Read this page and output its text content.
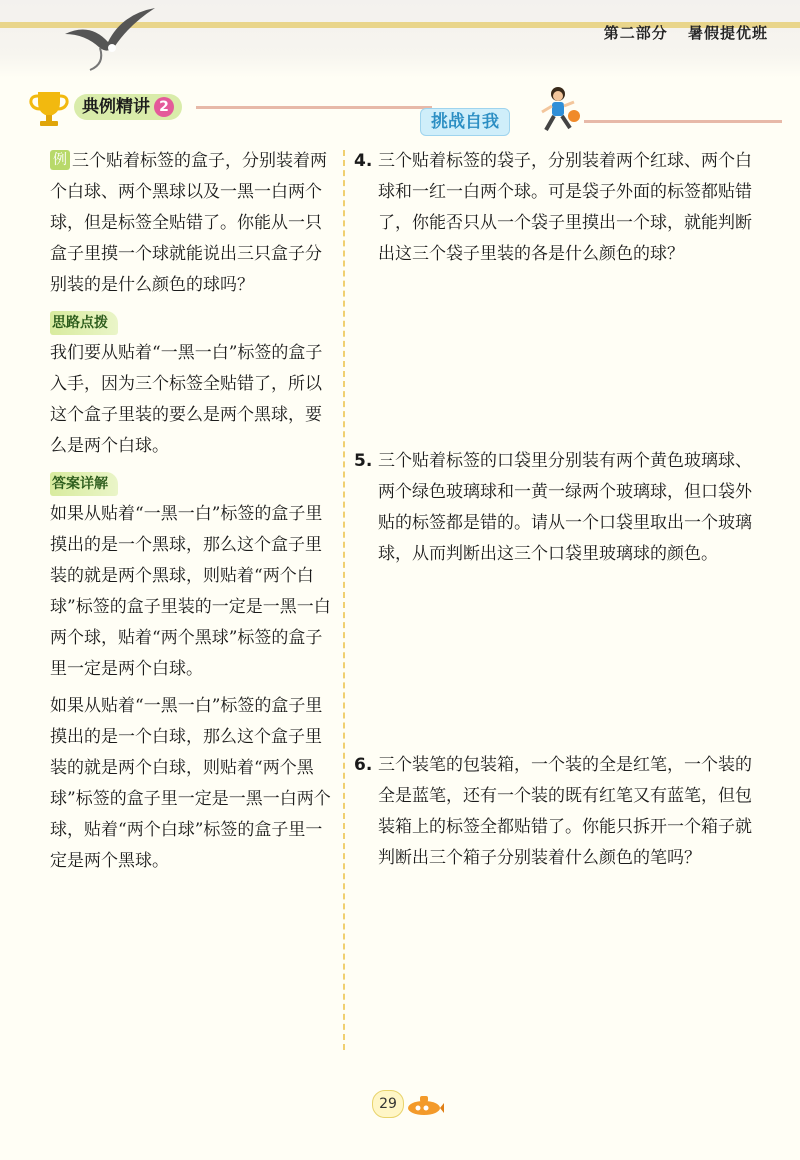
第二部分 暑假提优班
典例精讲 2
挑战自我

例 三个贴着标签的盒子，分别装着两个白球、两个黑球以及一黑一白两个球，但是标签全贴错了。你能从一只盒子里摸一个球就能说出三只盒子分别装的是什么颜色的球吗？

思路点拨

我们要从贴着“一黑一白”标签的盒子入手，因为三个标签全贴错了，所以这个盒子里装的要么是两个黑球，要么是两个白球。

答案详解

如果从贴着“一黑一白”标签的盒子里摸出的是一个黑球，那么这个盒子里装的就是两个黑球，则贴着“两个白球”标签的盒子里装的一定是一黑一白两个球，贴着“两个黑球”标签的盒子里一定是两个白球。

如果从贴着“一黑一白”标签的盒子里摸出的是一个白球，那么这个盒子里装的就是两个白球，则贴着“两个黑球”标签的盒子里一定是一黑一白两个球，贴着“两个白球”标签的盒子里一定是两个黑球。

4. 三个贴着标签的袋子，分别装着两个红球、两个白球和一红一白两个球。可是袋子外面的标签都贴错了，你能否只从一个袋子里摸出一个球，就能判断出这三个袋子里装的各是什么颜色的球？

5. 三个贴着标签的口袋里分别装有两个黄色玻璃球、两个绿色玻璃球和一黄一绿两个玻璃球，但口袋外贴的标签都是错的。请从一个口袋里取出一个玻璃球，从而判断出这三个口袋里玻璃球的颜色。

6. 三个装笔的包装箱，一个装的全是红笔，一个装的全是蓝笔，还有一个装的既有红笔又有蓝笔，但包装箱上的标签全都贴错了。你能只拆开一个箱子就判断出三个箱子分别装着什么颜色的笔吗？

29
